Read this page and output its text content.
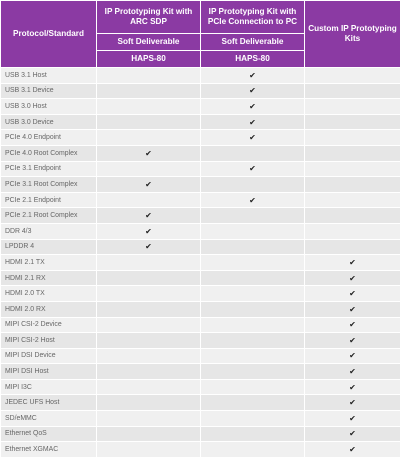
Protocol/Standard	IP Prototyping Kit with ARC SDP	IP Prototyping Kit with PCIe Connection to PC	Custom IP Prototyping Kits
	Soft Deliverable	Soft Deliverable	
	HAPS-80	HAPS-80	
USB 3.1 Host		✔	
USB 3.1 Device		✔	
USB 3.0 Host		✔	
USB 3.0 Device		✔	
PCIe 4.0 Endpoint		✔	
PCIe 4.0 Root Complex	✔		
PCIe 3.1 Endpoint		✔	
PCIe 3.1 Root Complex	✔		
PCIe 2.1 Endpoint		✔	
PCIe 2.1 Root Complex	✔		
DDR 4/3	✔		
LPDDR 4	✔		
HDMI 2.1 TX			✔
HDMI 2.1 RX			✔
HDMI 2.0 TX			✔
HDMI 2.0 RX			✔
MIPI CSI-2 Device			✔
MIPI CSI-2 Host			✔
MIPI DSI Device			✔
MIPI DSI Host			✔
MIPI I3C			✔
JEDEC UFS Host			✔
SD/eMMC			✔
Ethernet QoS			✔
Ethernet XGMAC			✔
